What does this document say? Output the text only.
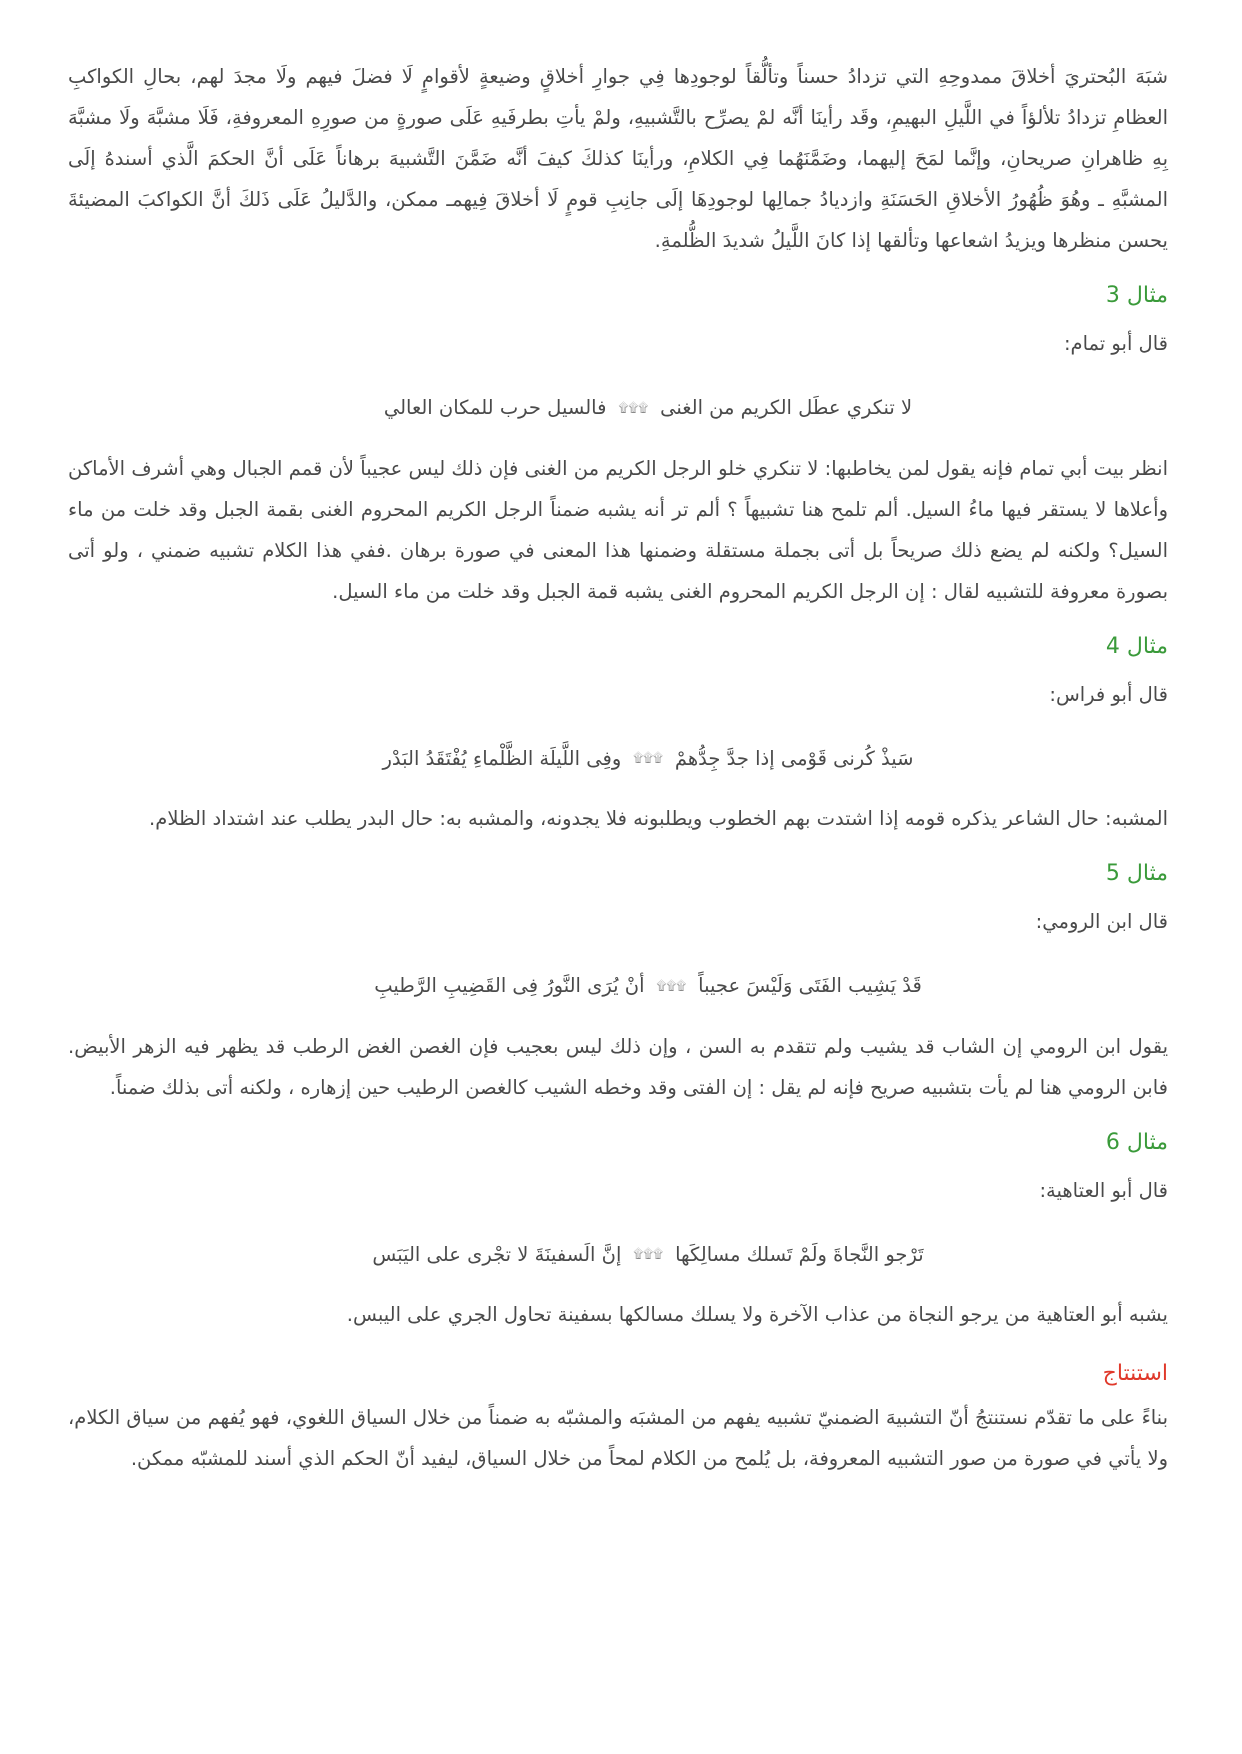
شبَهَ البُحتريَ أخلاقَ ممدوحِهِ التي تزدادُ حسناً وتألُّقاً لوجودِها فِي جوارِ أخلاقٍ وضيعةٍ لأقوامٍ لَا فضلَ فيهم ولَا مجدَ لهم، بحالِ الكواكبِ العظامِ تزدادُ تلألؤاً في اللَّيلِ البهيمِ، وقَد رأينَا أنَّه لمْ يصرِّح بالتَّشبيهِ، ولمْ يأتِ بطرفَيهِ عَلَى صورةٍ من صورِهِ المعروفةِ، فَلَا مشبَّهَ ولَا مشبَّهَ بِهِ ظاهرانِ صريحانِ، وإنَّما لمَحَ إليهما، وضَمَّنَهُما فِي الكلامِ، ورأينَا كذلكَ كيفَ أنَّه ضَمَّنَ التَّشبيهَ برهاناً عَلَى أنَّ الحكمَ الَّذي أسندهُ إلَى المشبَّهِ ـ وهُوَ ظُهُورُ الأخلاقِ الحَسَنَةِ وازديادُ جمالِها لوجودِهَا إلَى جانِبِ قومٍ لَا أخلاقَ فِيهمـ ممكن، والدَّليلُ عَلَى ذَلكَ أنَّ الكواكبَ المضيئةَ يحسن منظرها ويزيدُ اشعاعها وتألقها إذا كانَ اللَّيلُ شديدَ الظُّلمةِ.

مثال 3
قال أبو تمام:
لا تنكري عطَل الكريم من الغنى۩۩۩فالسيل حرب للمكان العالي

انظر بيت أبي تمام فإنه يقول لمن يخاطبها: لا تنكري خلو الرجل الكريم من الغنى فإن ذلك ليس عجيباً لأن قمم الجبال وهي أشرف الأماكن وأعلاها لا يستقر فيها ماءُ السيل. ألم تلمح هنا تشبيهاً ؟ ألم تر أنه يشبه ضمناً الرجل الكريم المحروم الغنى بقمة الجبل وقد خلت من ماء السيل؟ ولكنه لم يضع ذلك صريحاً بل أتى بجملة مستقلة وضمنها هذا المعنى في صورة برهان .ففي هذا الكلام تشبيه ضمني ، ولو أتى بصورة معروفة للتشبيه لقال : إن الرجل الكريم المحروم الغنى يشبه قمة الجبل وقد خلت من ماء السيل.

مثال 4
قال أبو فراس:
سَيذْ كُرنى قَوْمى إذا جدَّ جِدُّهمْ۩۩۩وفِى اللَّيلَة الظَّلْماءِ يُفْتَقَدُ البَدْر

المشبه: حال الشاعر يذكره قومه إذا اشتدت بهم الخطوب ويطلبونه فلا يجدونه، والمشبه به: حال البدر يطلب عند اشتداد الظلام.

مثال 5
قال ابن الرومي:
قَدْ يَشِيب الفَتَى وَلَيْسَ عجيباً۩۩۩أنْ يُرَى النَّورُ فِى القَضِيبِ الرَّطيبِ

يقول ابن الرومي إن الشاب قد يشيب ولم تتقدم به السن ، وإن ذلك ليس بعجيب فإن الغصن الغض الرطب قد يظهر فيه الزهر الأبيض. فابن الرومي هنا لم يأت بتشبيه صريح فإنه لم يقل : إن الفتى وقد وخطه الشيب كالغصن الرطيب حين إزهاره ، ولكنه أتى بذلك ضمناً.

مثال 6
قال أبو العتاهية:
تَرْجو النَّجاةَ ولَمْ تَسلك مسالِكَها۩۩۩إنَّ الَسفينَةَ لا تجْرى على اليَبَس

يشبه أبو العتاهية من يرجو النجاة من عذاب الآخرة ولا يسلك مسالكها بسفينة تحاول الجري على اليبس.

استنتاج

بناءً على ما تقدّم نستنتجُ أنّ التشبيهَ الضمنيّ تشبيه يفهم من المشبَه والمشبّه به ضمناً من خلال السياق اللغوي، فهو يُفهم من سياق الكلام، ولا يأتي في صورة من صور التشبيه المعروفة، بل يُلمح من الكلام لمحاً من خلال السياق، ليفيد أنّ الحكم الذي أسند للمشبّه ممكن.
